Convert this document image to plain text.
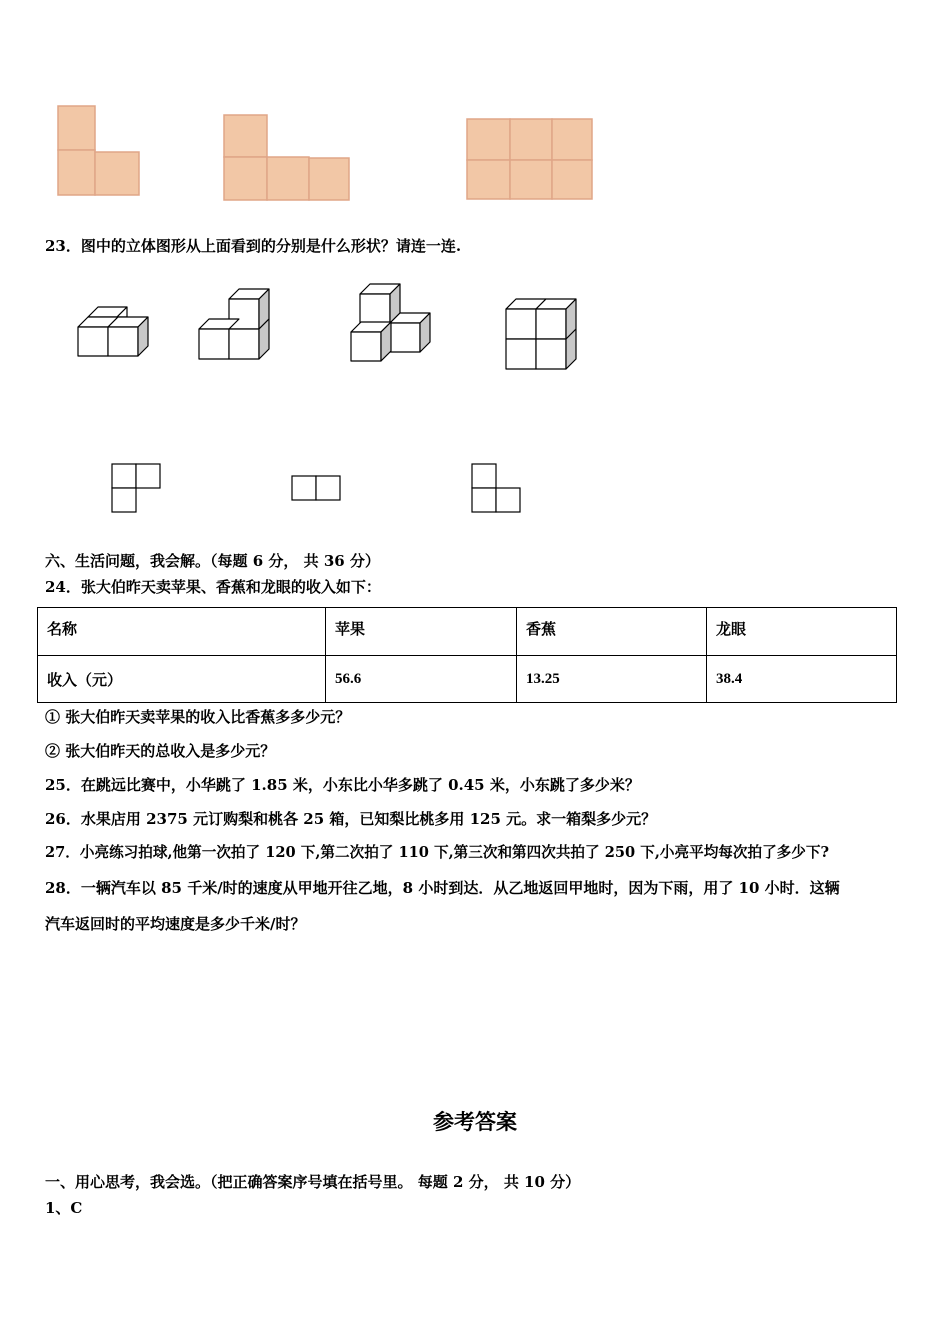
23．图中的立体图形从上面看到的分别是什么形状？请连一连.
六、生活问题，我会解。（每题 6 分， 共 36 分）
24．张大伯昨天卖苹果、香蕉和龙眼的收入如下：
名称	苹果	香蕉	龙眼
收入（元）	56.6	13.25	38.4
① 张大伯昨天卖苹果的收入比香蕉多多少元？
② 张大伯昨天的总收入是多少元？
25．在跳远比赛中，小华跳了 1.85 米，小东比小华多跳了 0.45 米，小东跳了多少米？
26．水果店用 2375 元订购梨和桃各 25 箱，已知梨比桃多用 125 元。求一箱梨多少元？
27．小亮练习拍球,他第一次拍了 120 下,第二次拍了 110 下,第三次和第四次共拍了 250 下,小亮平均每次拍了多少下?
28．一辆汽车以 85 千米/时的速度从甲地开往乙地，8 小时到达．从乙地返回甲地时，因为下雨，用了 10 小时．这辆
汽车返回时的平均速度是多少千米/时？
参考答案
一、用心思考，我会选。（把正确答案序号填在括号里。 每题 2 分， 共 10 分）
1、C
